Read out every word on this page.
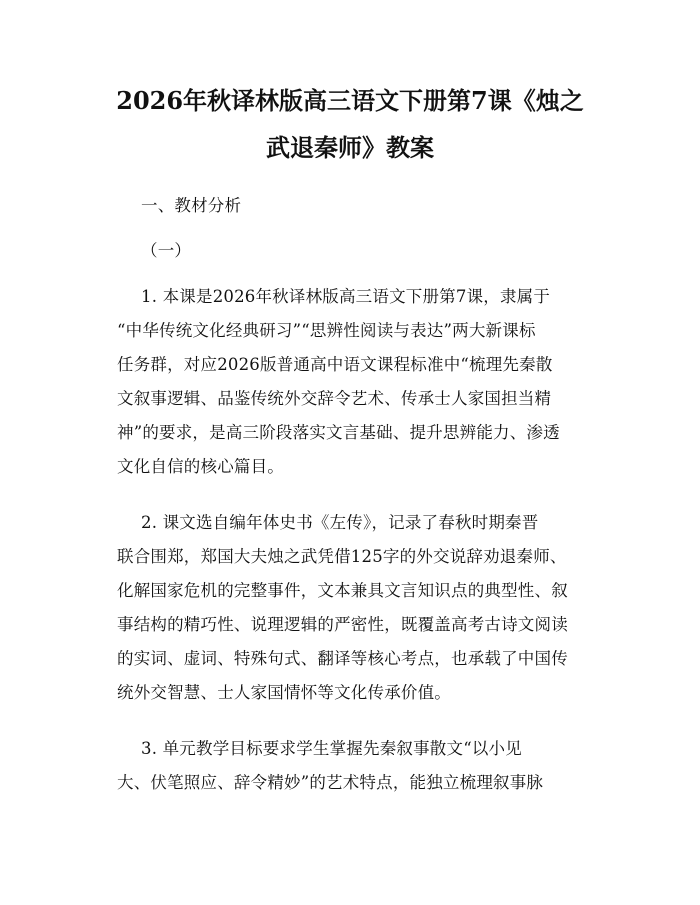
2026年秋译林版高三语文下册第7课《烛之
武退秦师》教案
一、教材分析
（一）
1. 本课是2026年秋译林版高三语文下册第7课，隶属于
“中华传统文化经典研习”“思辨性阅读与表达”两大新课标
任务群，对应2026版普通高中语文课程标准中“梳理先秦散
文叙事逻辑、品鉴传统外交辞令艺术、传承士人家国担当精
神”的要求，是高三阶段落实文言基础、提升思辨能力、渗透
文化自信的核心篇目。
2. 课文选自编年体史书《左传》，记录了春秋时期秦晋
联合围郑，郑国大夫烛之武凭借125字的外交说辞劝退秦师、
化解国家危机的完整事件，文本兼具文言知识点的典型性、叙
事结构的精巧性、说理逻辑的严密性，既覆盖高考古诗文阅读
的实词、虚词、特殊句式、翻译等核心考点，也承载了中国传
统外交智慧、士人家国情怀等文化传承价值。
3. 单元教学目标要求学生掌握先秦叙事散文“以小见
大、伏笔照应、辞令精妙”的艺术特点，能独立梳理叙事脉
